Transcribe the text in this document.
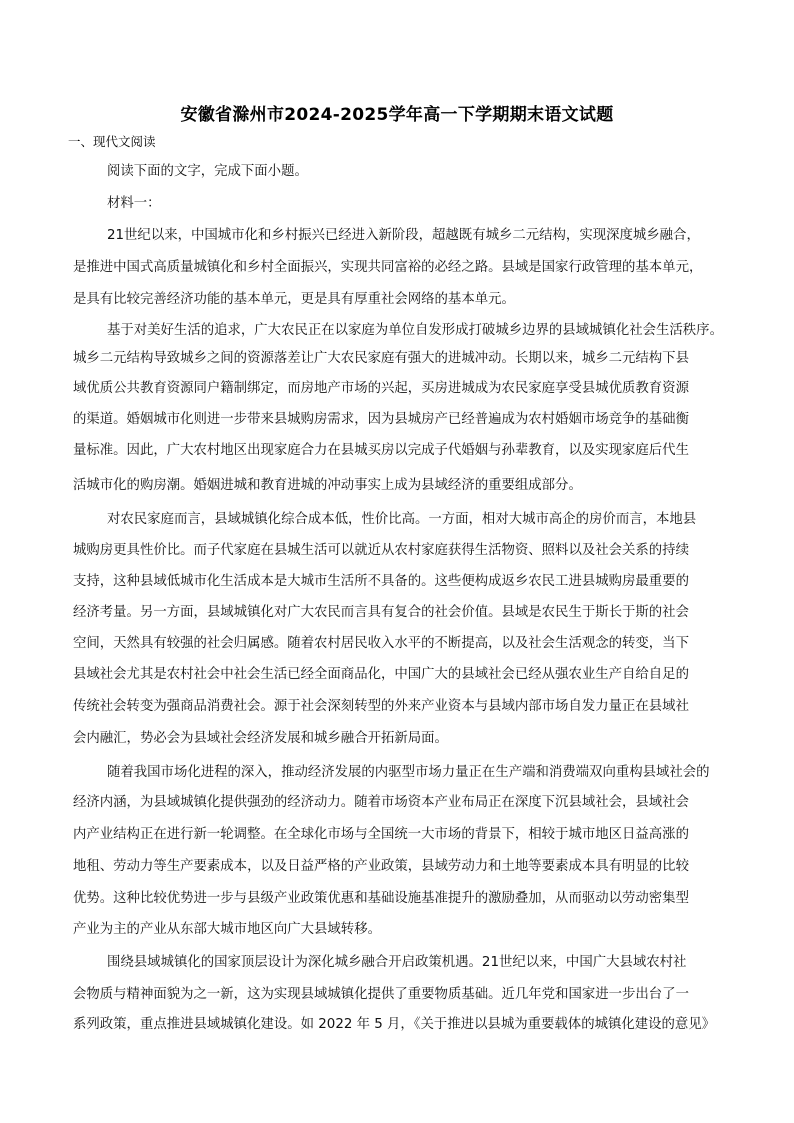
安徽省滁州市2024-2025学年高一下学期期末语文试题
一、现代文阅读
阅读下面的文字，完成下面小题。
材料一：
21世纪以来，中国城市化和乡村振兴已经进入新阶段，超越既有城乡二元结构，实现深度城乡融合，
是推进中国式高质量城镇化和乡村全面振兴，实现共同富裕的必经之路。县域是国家行政管理的基本单元，
是具有比较完善经济功能的基本单元，更是具有厚重社会网络的基本单元。
基于对美好生活的追求，广大农民正在以家庭为单位自发形成打破城乡边界的县域城镇化社会生活秩序。
城乡二元结构导致城乡之间的资源落差让广大农民家庭有强大的进城冲动。长期以来，城乡二元结构下县
域优质公共教育资源同户籍制绑定，而房地产市场的兴起，买房进城成为农民家庭享受县城优质教育资源
的渠道。婚姻城市化则进一步带来县城购房需求，因为县城房产已经普遍成为农村婚姻市场竞争的基础衡
量标准。因此，广大农村地区出现家庭合力在县城买房以完成子代婚姻与孙辈教育，以及实现家庭后代生
活城市化的购房潮。婚姻进城和教育进城的冲动事实上成为县域经济的重要组成部分。
对农民家庭而言，县域城镇化综合成本低，性价比高。一方面，相对大城市高企的房价而言，本地县
城购房更具性价比。而子代家庭在县城生活可以就近从农村家庭获得生活物资、照料以及社会关系的持续
支持，这种县域低城市化生活成本是大城市生活所不具备的。这些便构成返乡农民工进县城购房最重要的
经济考量。另一方面，县域城镇化对广大农民而言具有复合的社会价值。县域是农民生于斯长于斯的社会
空间，天然具有较强的社会归属感。随着农村居民收入水平的不断提高，以及社会生活观念的转变，当下
县域社会尤其是农村社会中社会生活已经全面商品化，中国广大的县域社会已经从强农业生产自给自足的
传统社会转变为强商品消费社会。源于社会深刻转型的外来产业资本与县域内部市场自发力量正在县域社
会内融汇，势必会为县域社会经济发展和城乡融合开拓新局面。
随着我国市场化进程的深入，推动经济发展的内驱型市场力量正在生产端和消费端双向重构县域社会的
经济内涵，为县域城镇化提供强劲的经济动力。随着市场资本产业布局正在深度下沉县域社会，县域社会
内产业结构正在进行新一轮调整。在全球化市场与全国统一大市场的背景下，相较于城市地区日益高涨的
地租、劳动力等生产要素成本，以及日益严格的产业政策，县域劳动力和土地等要素成本具有明显的比较
优势。这种比较优势进一步与县级产业政策优惠和基础设施基准提升的激励叠加，从而驱动以劳动密集型
产业为主的产业从东部大城市地区向广大县域转移。
围绕县域城镇化的国家顶层设计为深化城乡融合开启政策机遇。21世纪以来，中国广大县域农村社
会物质与精神面貌为之一新，这为实现县域城镇化提供了重要物质基础。近几年党和国家进一步出台了一
系列政策，重点推进县域城镇化建设。如 2022 年 5 月，《关于推进以县城为重要载体的城镇化建设的意见》
